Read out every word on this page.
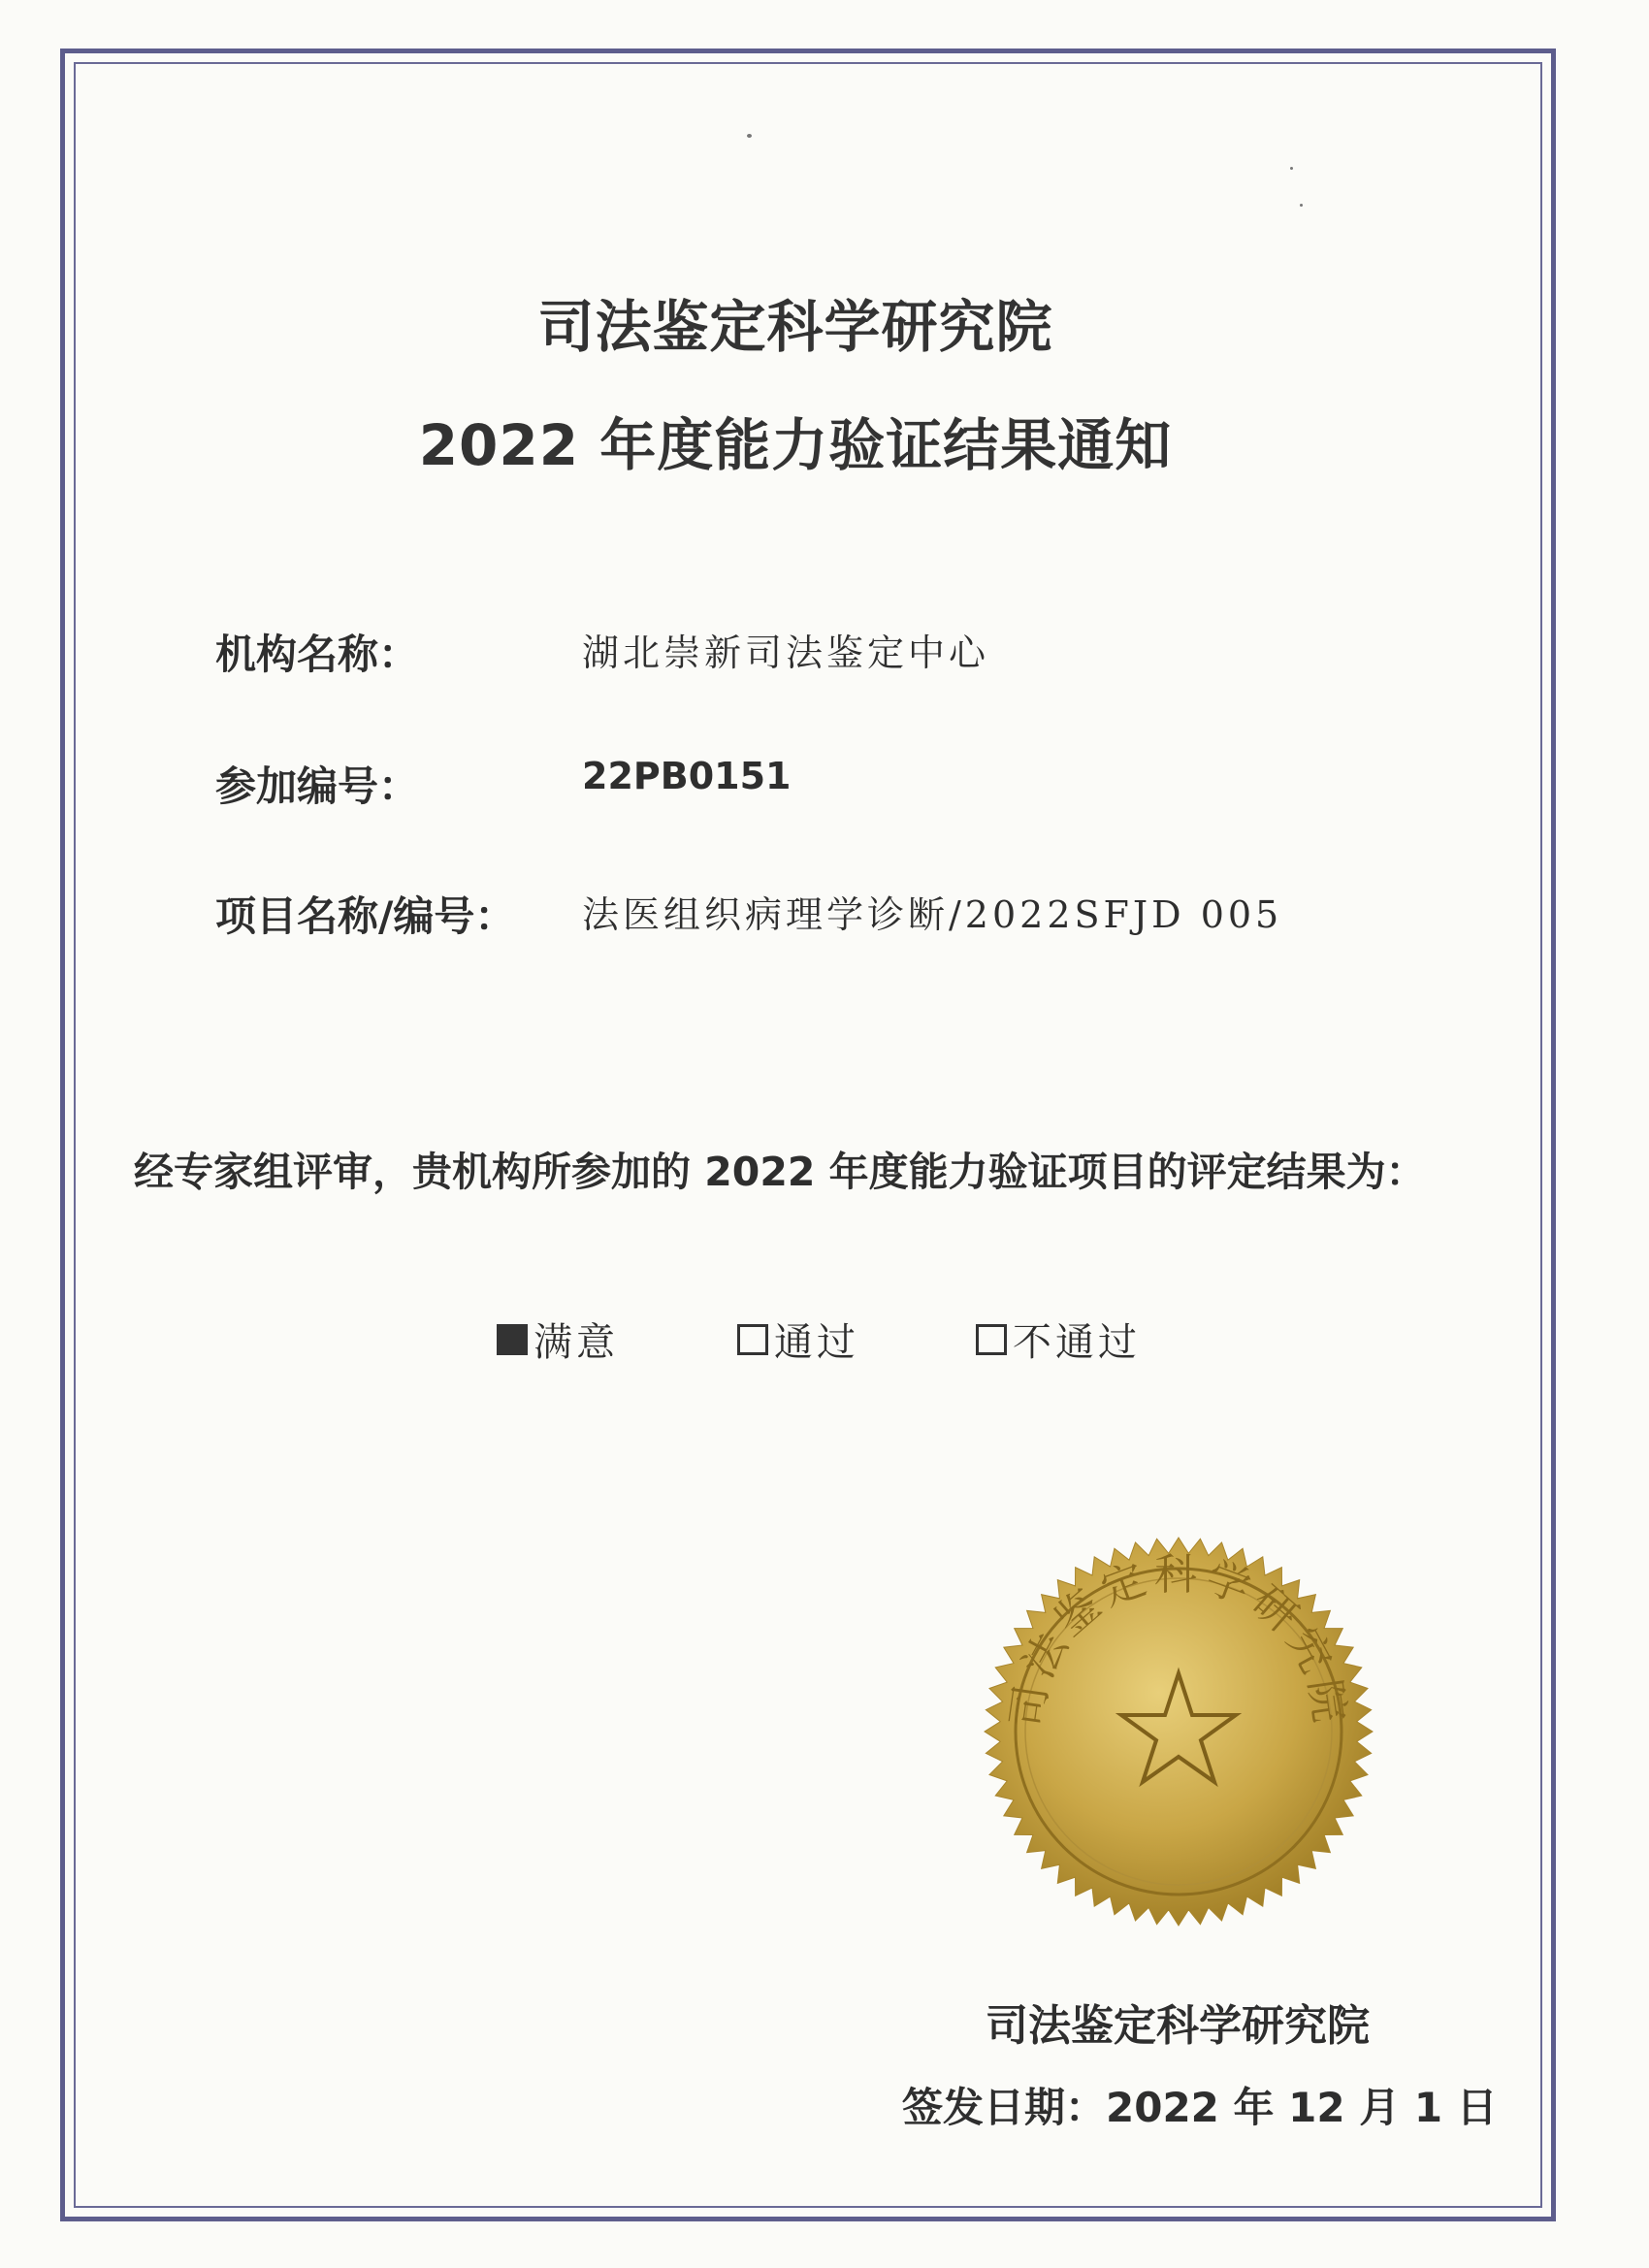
司法鉴定科学研究院
2022 年度能力验证结果通知
机构名称：	湖北崇新司法鉴定中心
参加编号：	22PB0151
项目名称/编号： 法医组织病理学诊断/2022SFJD 005
经专家组评审，贵机构所参加的 2022 年度能力验证项目的评定结果为：
满意	通过	不通过
司法鉴定科学研究院
司法鉴定科学研究院
签发日期：2022 年 12 月 1 日
